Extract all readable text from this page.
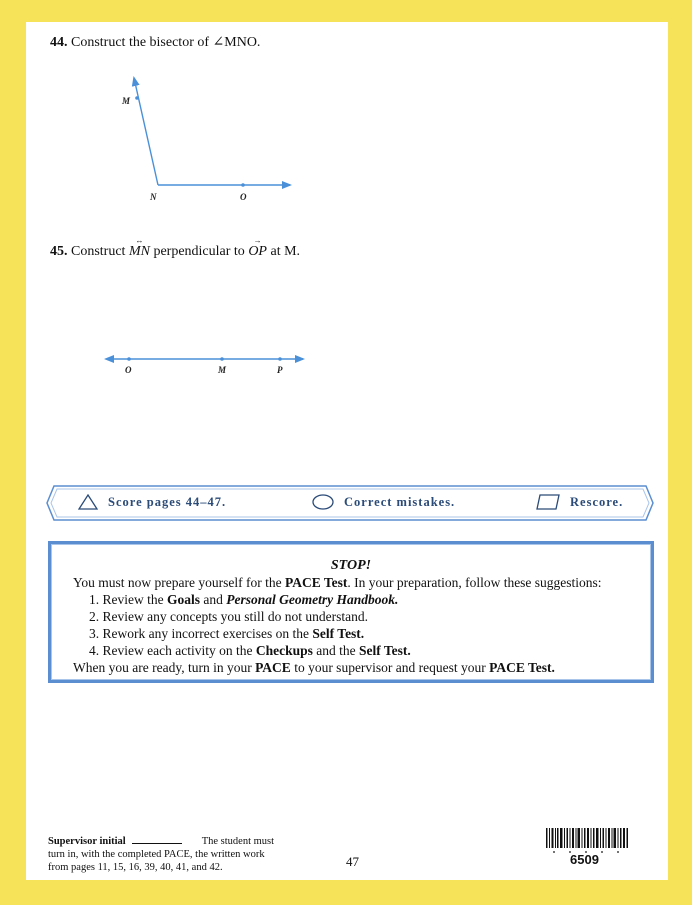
44. Construct the bisector of ∠MNO.
M
N	O
O	M	P
45. Construct
↔
MN perpendicular to
→
OP at M.
Score pages 44–47.	Correct mistakes.	Rescore.
STOP!
You must now prepare yourself for the PACE Test. In your preparation, follow these suggestions:
1. Review the Goals and Personal Geometry Handbook.
2. Review any concepts you still do not understand.
3. Rework any incorrect exercises on the Self Test.
4. Review each activity on the Checkups and the Self Test.
When you are ready, turn in your PACE to your supervisor and request your PACE Test.
Supervisor initial	The student must
turn in, with the completed PACE, the written work
from pages 11, 15, 16, 39, 40, 41, and 42.	47	6509
